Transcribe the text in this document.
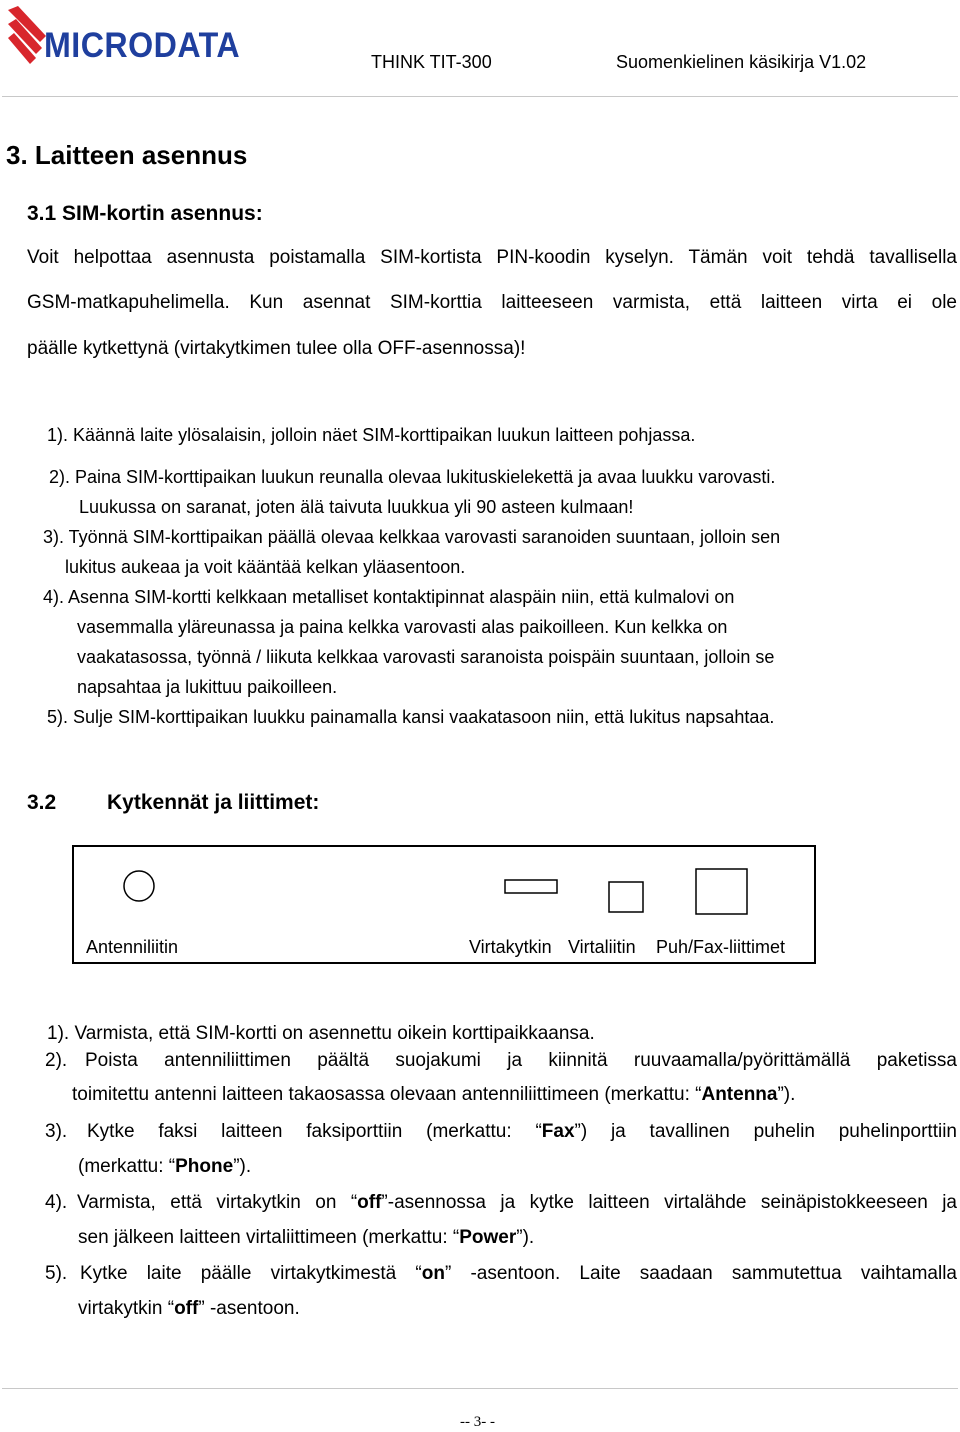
MICRODATA	THINK TIT-300	Suomenkielinen käsikirja V1.02
3. Laitteen asennus
3.1 SIM-kortin asennus:
Voit helpottaa asennusta poistamalla SIM-kortista PIN-koodin kyselyn. Tämän voit tehdä tavallisella
GSM-matkapuhelimella. Kun asennat SIM-korttia laitteeseen varmista, että laitteen virta ei ole
päälle kytkettynä (virtakytkimen tulee olla OFF-asennossa)!
1). Käännä laite ylösalaisin, jolloin näet SIM-korttipaikan luukun laitteen pohjassa.
2). Paina SIM-korttipaikan luukun reunalla olevaa lukituskielekettä ja avaa luukku varovasti.
Luukussa on saranat, joten älä taivuta luukkua yli 90 asteen kulmaan!
3). Työnnä SIM-korttipaikan päällä olevaa kelkkaa varovasti saranoiden suuntaan, jolloin sen
lukitus aukeaa ja voit kääntää kelkan yläasentoon.
4). Asenna SIM-kortti kelkkaan metalliset kontaktipinnat alaspäin niin, että kulmalovi on
vasemmalla yläreunassa ja paina kelkka varovasti alas paikoilleen. Kun kelkka on
vaakatasossa, työnnä / liikuta kelkkaa varovasti saranoista poispäin suuntaan, jolloin se
napsahtaa ja lukittuu paikoilleen.
5). Sulje SIM-korttipaikan luukku painamalla kansi vaakatasoon niin, että lukitus napsahtaa.
3.2 Kytkennät ja liittimet:
Antenniliitin	Virtakytkin Virtaliitin Puh/Fax-liittimet
1). Varmista, että SIM-kortti on asennettu oikein korttipaikkaansa.
2). Poista antenniliittimen päältä suojakumi ja kiinnitä ruuvaamalla/pyörittämällä paketissa
toimitettu antenni laitteen takaosassa olevaan antenniliittimeen (merkattu: “Antenna”).
3). Kytke faksi laitteen faksiporttiin (merkattu: “Fax”) ja tavallinen puhelin puhelinporttiin
(merkattu: “Phone”).
4). Varmista, että virtakytkin on “off”-asennossa ja kytke laitteen virtalähde seinäpistokkeeseen ja
sen jälkeen laitteen virtaliittimeen (merkattu: “Power”).
5). Kytke laite päälle virtakytkimestä “on” -asentoon. Laite saadaan sammutettua vaihtamalla
virtakytkin “off” -asentoon.
-- 3- -
